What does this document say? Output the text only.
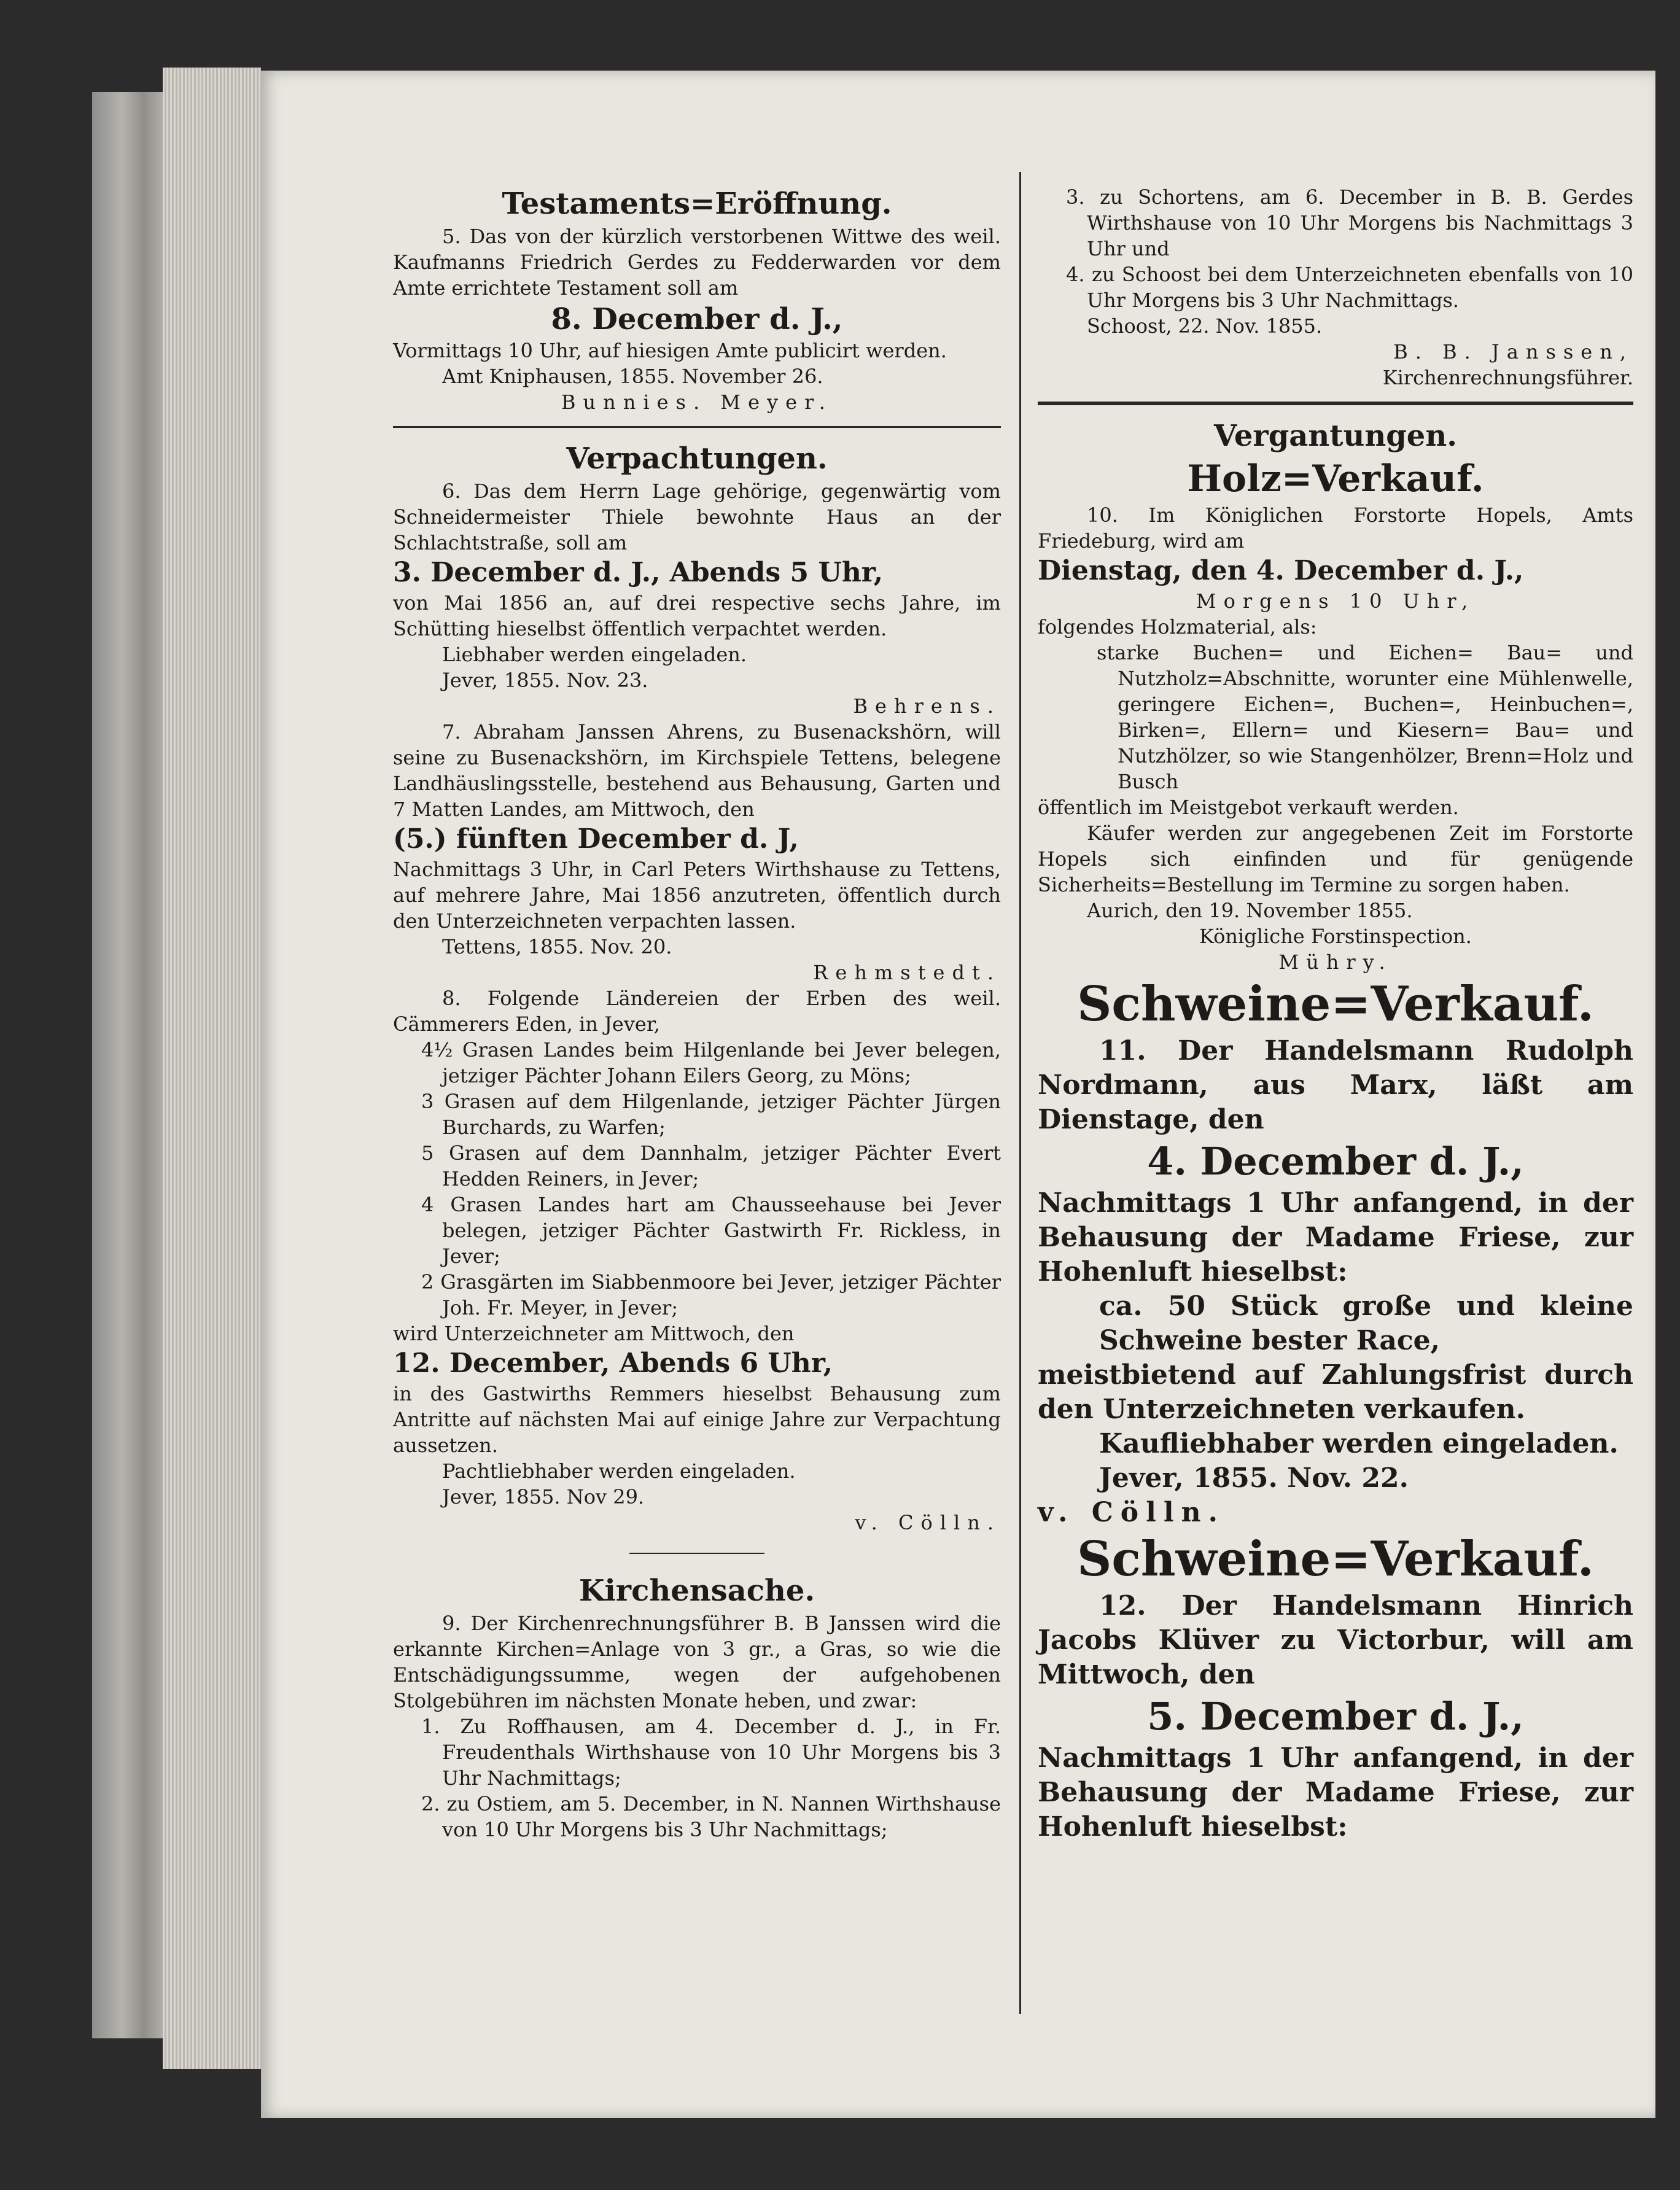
Testaments=Eröffnung.

5. Das von der kürzlich verstorbenen Wittwe des weil. Kaufmanns Friedrich Gerdes zu Fedderwarden vor dem Amte errichtete Testament soll am

8. December d. J.,

Vormittags 10 Uhr, auf hiesigen Amte publicirt werden.

Amt Kniphausen, 1855. November 26.

Bunnies. Meyer.

Verpachtungen.

6. Das dem Herrn Lage gehörige, gegenwärtig vom Schneidermeister Thiele bewohnte Haus an der Schlachtstraße, soll am

3. December d. J., Abends 5 Uhr,

von Mai 1856 an, auf drei respective sechs Jahre, im Schütting hieselbst öffentlich verpachtet werden.

Liebhaber werden eingeladen.

Jever, 1855. Nov. 23.

Behrens.

7. Abraham Janssen Ahrens, zu Busenackshörn, will seine zu Busenackshörn, im Kirchspiele Tettens, belegene Landhäuslingsstelle, bestehend aus Behausung, Garten und 7 Matten Landes, am Mittwoch, den

(5.) fünften December d. J,

Nachmittags 3 Uhr, in Carl Peters Wirthshause zu Tettens, auf mehrere Jahre, Mai 1856 anzutreten, öffentlich durch den Unterzeichneten verpachten lassen.

Tettens, 1855. Nov. 20.

Rehmstedt.

8. Folgende Ländereien der Erben des weil. Cämmerers Eden, in Jever,

4½ Grasen Landes beim Hilgenlande bei Jever belegen, jetziger Pächter Johann Eilers Georg, zu Möns;

3 Grasen auf dem Hilgenlande, jetziger Pächter Jürgen Burchards, zu Warfen;

5 Grasen auf dem Dannhalm, jetziger Pächter Evert Hedden Reiners, in Jever;

4 Grasen Landes hart am Chausseehause bei Jever belegen, jetziger Pächter Gastwirth Fr. Rickless, in Jever;

2 Grasgärten im Siabbenmoore bei Jever, jetziger Pächter Joh. Fr. Meyer, in Jever;

wird Unterzeichneter am Mittwoch, den

12. December, Abends 6 Uhr,

in des Gastwirths Remmers hieselbst Behausung zum Antritte auf nächsten Mai auf einige Jahre zur Verpachtung aussetzen.

Pachtliebhaber werden eingeladen.

Jever, 1855. Nov 29.

v. Cölln.

Kirchensache.

9. Der Kirchenrechnungsführer B. B Janssen wird die erkannte Kirchen=Anlage von 3 gr., a Gras, so wie die Entschädigungssumme, wegen der aufgehobenen Stolgebühren im nächsten Monate heben, und zwar:

1. Zu Roffhausen, am 4. December d. J., in Fr. Freudenthals Wirthshause von 10 Uhr Morgens bis 3 Uhr Nachmittags;

2. zu Ostiem, am 5. December, in N. Nannen Wirthshause von 10 Uhr Morgens bis 3 Uhr Nachmittags;

3. zu Schortens, am 6. December in B. B. Gerdes Wirthshause von 10 Uhr Morgens bis Nachmittags 3 Uhr und

4. zu Schoost bei dem Unterzeichneten ebenfalls von 10 Uhr Morgens bis 3 Uhr Nachmittags.

Schoost, 22. Nov. 1855.

B. B. Janssen,

Kirchenrechnungsführer.

Vergantungen.

Holz=Verkauf.

10. Im Königlichen Forstorte Hopels, Amts Friedeburg, wird am

Dienstag, den 4. December d. J.,

Morgens 10 Uhr,

folgendes Holzmaterial, als:

starke Buchen= und Eichen= Bau= und Nutzholz=Abschnitte, worunter eine Mühlenwelle, geringere Eichen=, Buchen=, Heinbuchen=, Birken=, Ellern= und Kiesern= Bau= und Nutzhölzer, so wie Stangenhölzer, Brenn=Holz und Busch

öffentlich im Meistgebot verkauft werden.

Käufer werden zur angegebenen Zeit im Forstorte Hopels sich einfinden und für genügende Sicherheits=Bestellung im Termine zu sorgen haben.

Aurich, den 19. November 1855.

Königliche Forstinspection.

Mühry.

Schweine=Verkauf.

11. Der Handelsmann Rudolph Nordmann, aus Marx, läßt am Dienstage, den

4. December d. J.,

Nachmittags 1 Uhr anfangend, in der Behausung der Madame Friese, zur Hohenluft hieselbst:

ca. 50 Stück große und kleine Schweine bester Race,

meistbietend auf Zahlungsfrist durch den Unterzeichneten verkaufen.

Kaufliebhaber werden eingeladen.

Jever, 1855. Nov. 22.

v. Cölln.

Schweine=Verkauf.

12. Der Handelsmann Hinrich Jacobs Klüver zu Victorbur, will am Mittwoch, den

5. December d. J.,

Nachmittags 1 Uhr anfangend, in der Behausung der Madame Friese, zur Hohenluft hieselbst:
